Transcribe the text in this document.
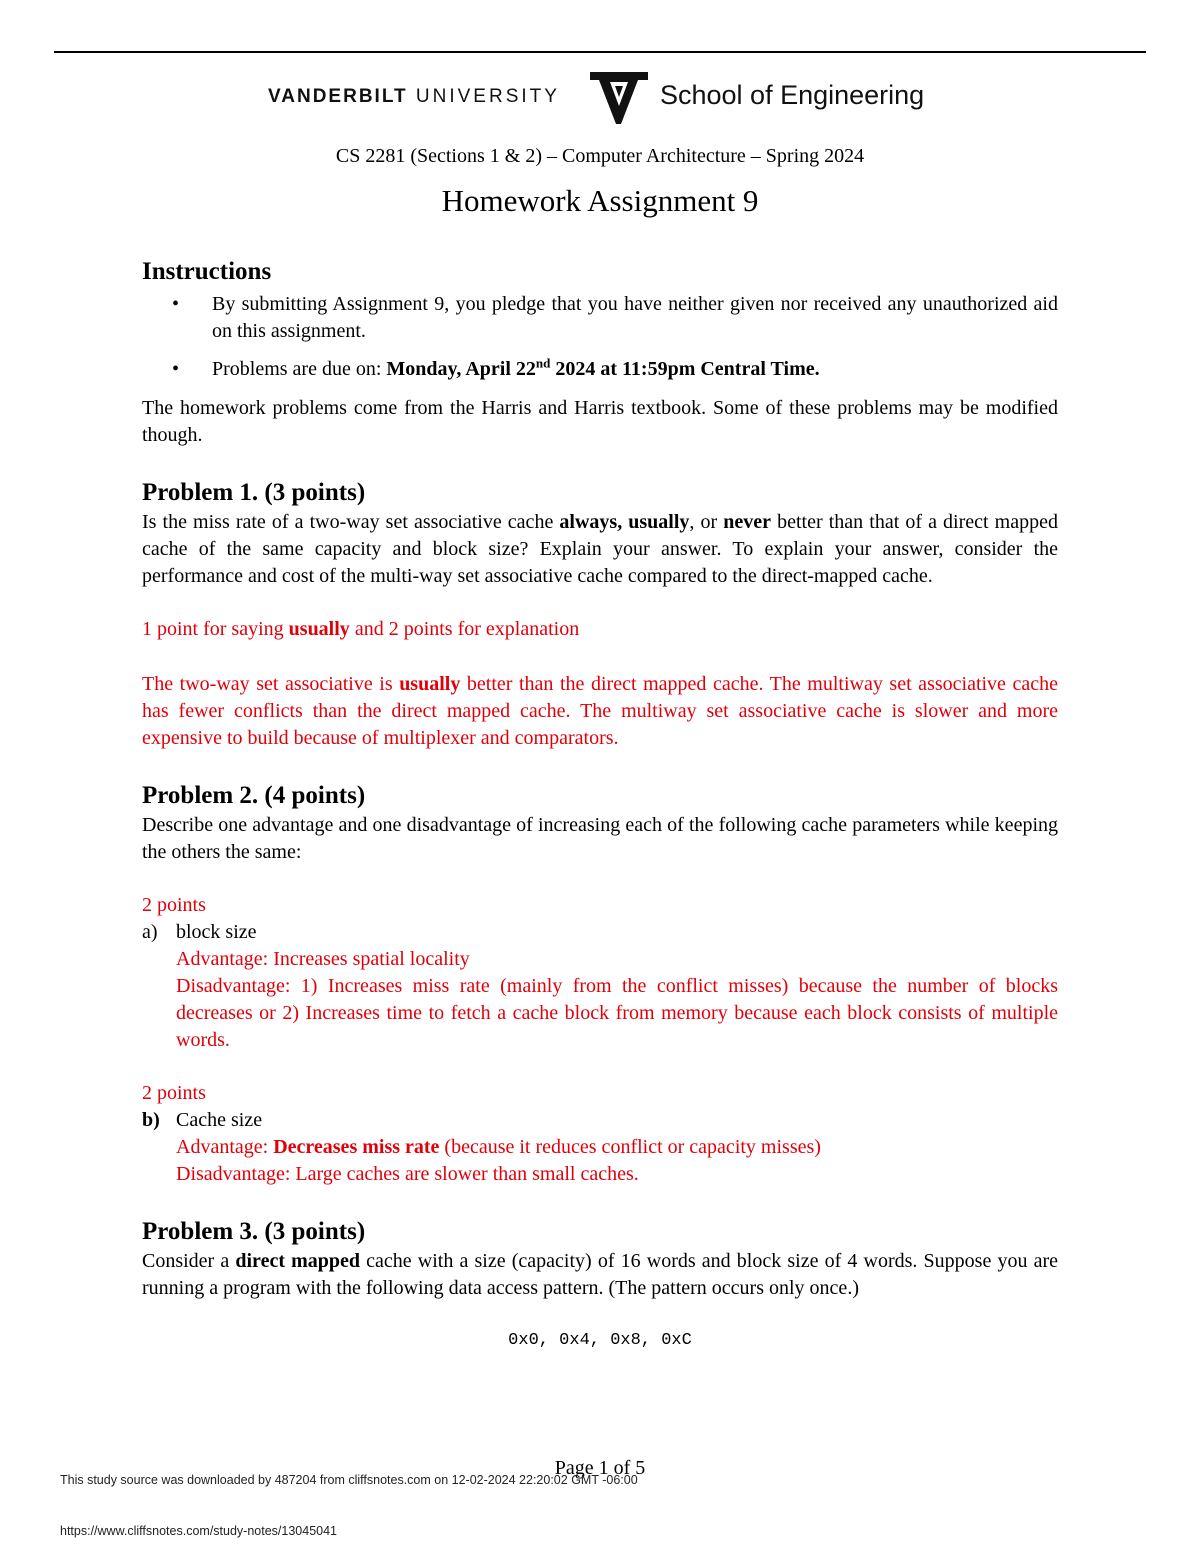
VANDERBILT UNIVERSITY	School of Engineering
CS 2281 (Sections 1 & 2) – Computer Architecture – Spring 2024
Homework Assignment 9
Instructions
• By submitting Assignment 9, you pledge that you have neither given nor received any unauthorized aid on this assignment.
• Problems are due on: Monday, April 22nd 2024 at 11:59pm Central Time.

The homework problems come from the Harris and Harris textbook. Some of these problems may be modified though.

Problem 1. (3 points)

Is the miss rate of a two-way set associative cache always, usually, or never better than that of a direct mapped cache of the same capacity and block size? Explain your answer. To explain your answer, consider the performance and cost of the multi-way set associative cache compared to the direct-mapped cache.

1 point for saying usually and 2 points for explanation

The two-way set associative is usually better than the direct mapped cache. The multiway set associative cache has fewer conflicts than the direct mapped cache. The multiway set associative cache is slower and more expensive to build because of multiplexer and comparators.

Problem 2. (4 points)

Describe one advantage and one disadvantage of increasing each of the following cache parameters while keeping the others the same:

2 points

a) block size
Advantage: Increases spatial locality
Disadvantage: 1) Increases miss rate (mainly from the conflict misses) because the number of blocks decreases or 2) Increases time to fetch a cache block from memory because each block consists of multiple words.

2 points

b) Cache size
Advantage: Decreases miss rate (because it reduces conflict or capacity misses)
Disadvantage: Large caches are slower than small caches.
Problem 3. (3 points)

Consider a direct mapped cache with a size (capacity) of 16 words and block size of 4 words. Suppose you are running a program with the following data access pattern. (The pattern occurs only once.)

0x0, 0x4, 0x8, 0xC

Page 1 of 5
This study source was downloaded by 487204 from cliffsnotes.com on 12-02-2024 22:20:02 GMT -06:00
https://www.cliffsnotes.com/study-notes/13045041
